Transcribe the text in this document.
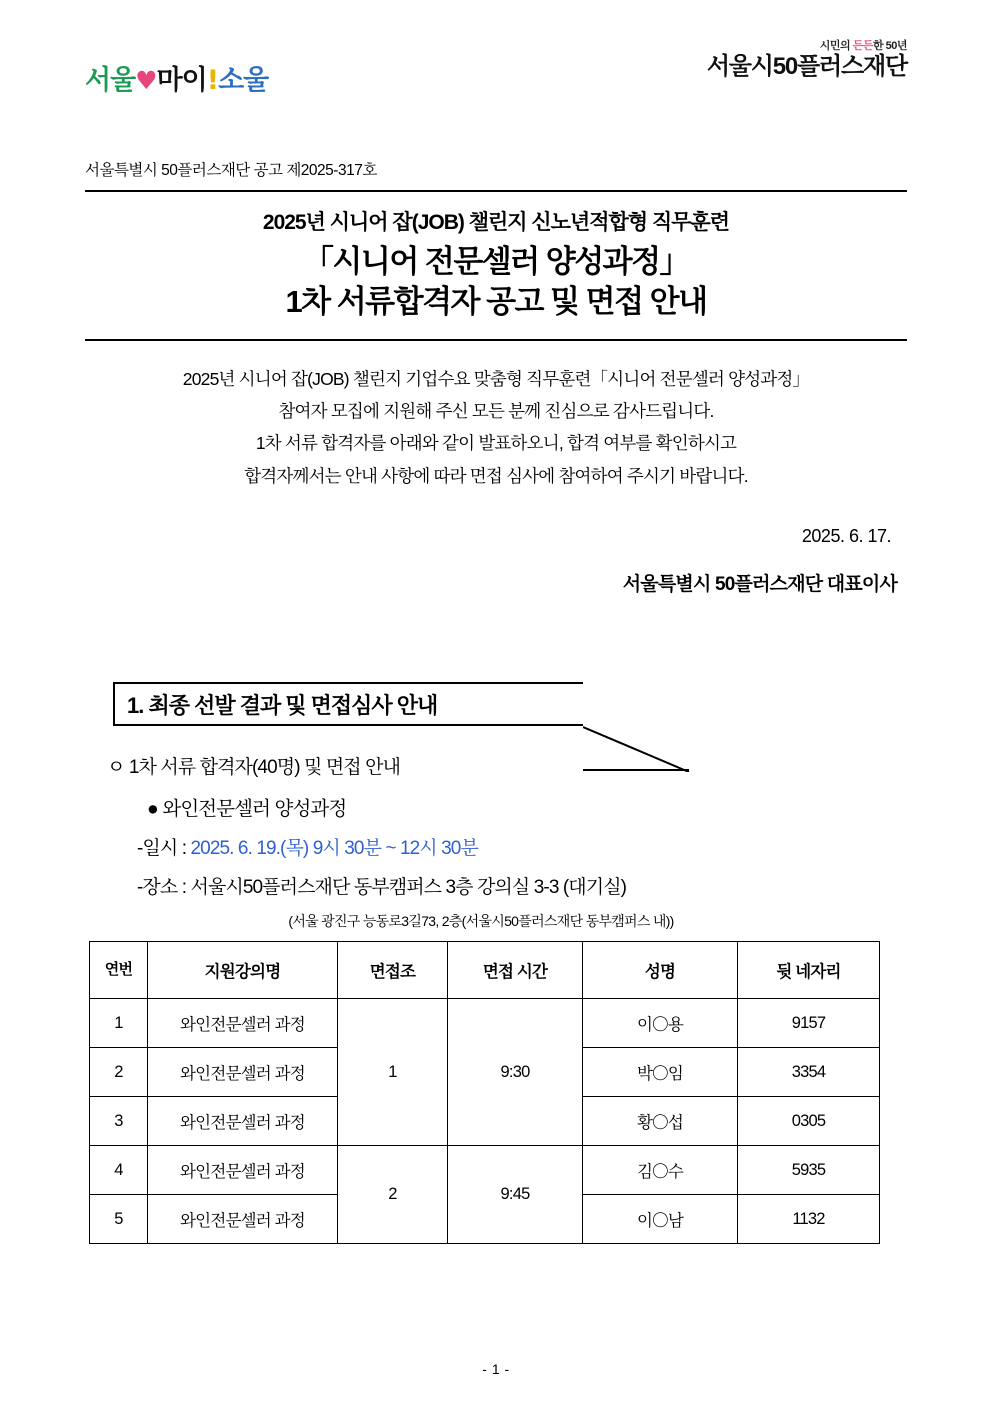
서울♥마이!소울
시민의 든든한 50년
서울시50플러스재단
서울특별시 50플러스재단 공고 제2025-317호
2025년 시니어 잡(JOB) 챌린지 신노년적합형 직무훈련
「시니어 전문셀러 양성과정」
1차 서류합격자 공고 및 면접 안내
2025년 시니어 잡(JOB) 챌린지 기업수요 맞춤형 직무훈련「시니어 전문셀러 양성과정」
참여자 모집에 지원해 주신 모든 분께 진심으로 감사드립니다.
1차 서류 합격자를 아래와 같이 발표하오니, 합격 여부를 확인하시고
합격자께서는 안내 사항에 따라 면접 심사에 참여하여 주시기 바랍니다.
2025. 6. 17.
서울특별시 50플러스재단 대표이사
1. 최종 선발 결과 및 면접심사 안내
ㅇ 1차 서류 합격자(40명) 및 면접 안내
● 와인전문셀러 양성과정
-일시 : 2025. 6. 19.(목) 9시 30분 ~ 12시 30분
-장소 : 서울시50플러스재단 동부캠퍼스 3층 강의실 3-3 (대기실)
(서울 광진구 능동로3길73, 2층(서울시50플러스재단 동부캠퍼스 내))
연번	지원강의명	면접조	면접 시간	성명	뒷 네자리
1	와인전문셀러 과정	1	9:30	이〇용	9157
2	와인전문셀러 과정			박〇임	3354
3	와인전문셀러 과정			황〇섭	0305
4	와인전문셀러 과정	2	9:45	김〇수	5935
5	와인전문셀러 과정			이〇남	1132
- 1 -
